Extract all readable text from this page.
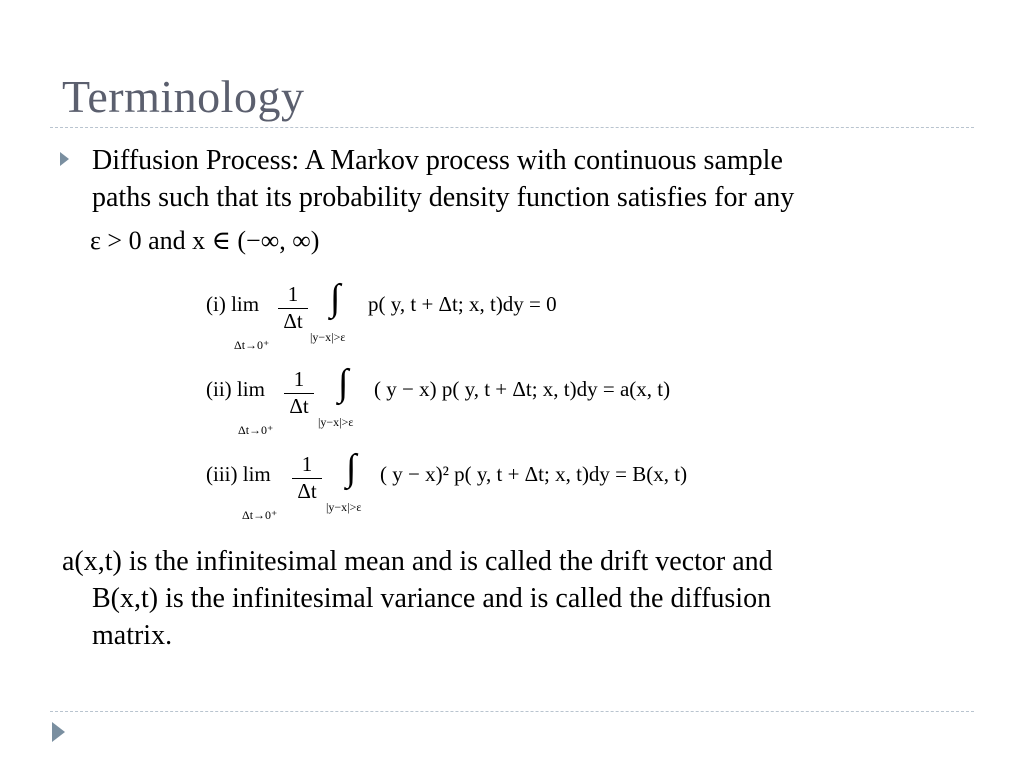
Terminology
Diffusion Process: A Markov process with continuous sample
paths such that its probability density function satisfies for any
ε > 0 and x ∈ (−∞, ∞)
(i) lim
Δt→0⁺
1
Δt
∫
|y−x|>ε
p( y, t + Δt; x, t)dy = 0
(ii) lim
Δt→0⁺
1
Δt
∫
|y−x|>ε
( y − x) p( y, t + Δt; x, t)dy = a(x, t)
(iii) lim
Δt→0⁺
1
Δt
∫
|y−x|>ε
( y − x)² p( y, t + Δt; x, t)dy = B(x, t)
a(x,t) is the infinitesimal mean and is called the drift vector and
B(x,t) is the infinitesimal variance and is called the diffusion
matrix.
